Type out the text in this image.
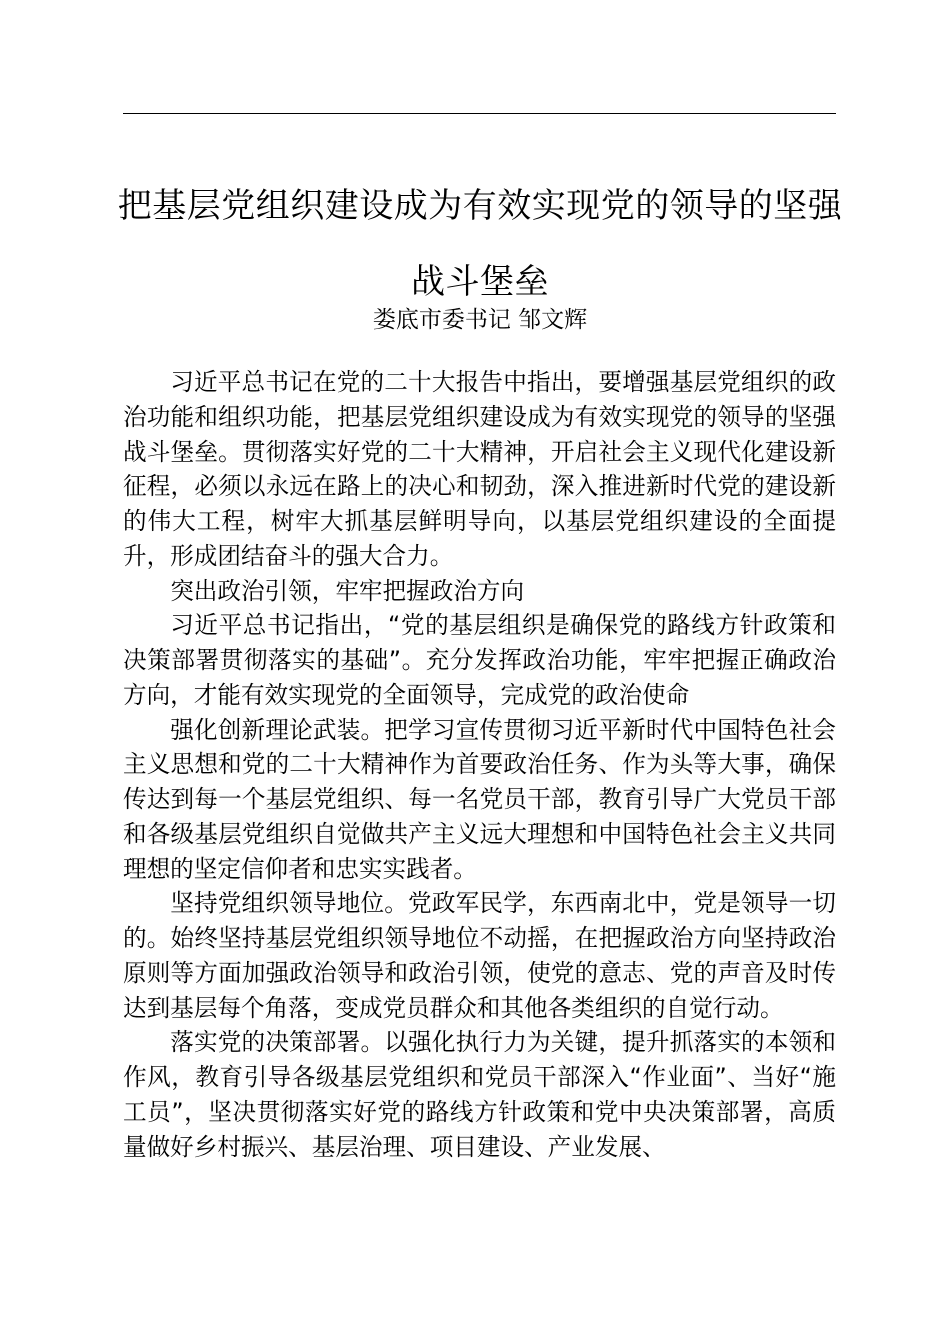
把基层党组织建设成为有效实现党的领导的坚强战斗堡垒
娄底市委书记 邹文辉

习近平总书记在党的二十大报告中指出，要增强基层党组织的政治功能和组织功能，把基层党组织建设成为有效实现党的领导的坚强战斗堡垒。贯彻落实好党的二十大精神，开启社会主义现代化建设新征程，必须以永远在路上的决心和韧劲，深入推进新时代党的建设新的伟大工程，树牢大抓基层鲜明导向，以基层党组织建设的全面提升，形成团结奋斗的强大合力。

突出政治引领，牢牢把握政治方向

习近平总书记指出，“党的基层组织是确保党的路线方针政策和决策部署贯彻落实的基础”。充分发挥政治功能，牢牢把握正确政治方向，才能有效实现党的全面领导，完成党的政治使命

强化创新理论武装。把学习宣传贯彻习近平新时代中国特色社会主义思想和党的二十大精神作为首要政治任务、作为头等大事，确保传达到每一个基层党组织、每一名党员干部，教育引导广大党员干部和各级基层党组织自觉做共产主义远大理想和中国特色社会主义共同理想的坚定信仰者和忠实实践者。

坚持党组织领导地位。党政军民学，东西南北中，党是领导一切的。始终坚持基层党组织领导地位不动摇，在把握政治方向坚持政治原则等方面加强政治领导和政治引领，使党的意志、党的声音及时传达到基层每个角落，变成党员群众和其他各类组织的自觉行动。

落实党的决策部署。以强化执行力为关键，提升抓落实的本领和作风，教育引导各级基层党组织和党员干部深入“作业面”、当好“施工员”，坚决贯彻落实好党的路线方针政策和党中央决策部署，高质量做好乡村振兴、基层治理、项目建设、产业发展、
